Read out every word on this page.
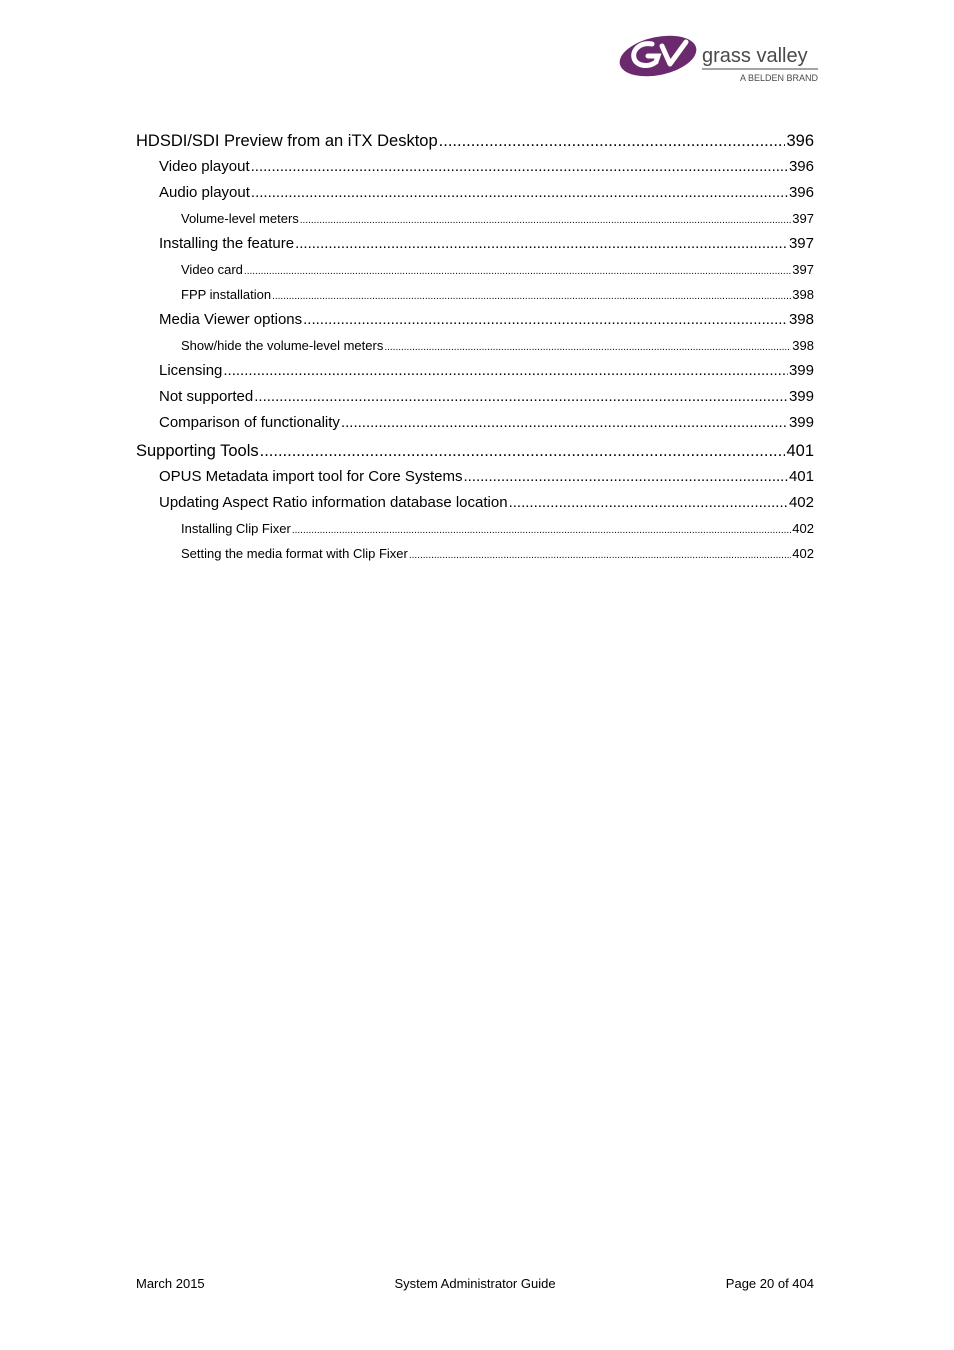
grass valley
A BELDEN BRAND
HDSDI/SDI Preview from an iTX Desktop .....	396
Video playout .....	396
Audio playout .....	396
Volume-level meters .....	397
Installing the feature .....	397
Video card .....	397
FPP installation .....	398
Media Viewer options .....	398
Show/hide the volume-level meters .....	398
Licensing .....	399
Not supported .....	399
Comparison of functionality .....	399
Supporting Tools .....	401
OPUS Metadata import tool for Core Systems .....	401
Updating Aspect Ratio information database location .....	402
Installing Clip Fixer .....	402
Setting the media format with Clip Fixer .....	402
March 2015	System Administrator Guide	Page 20 of 404
